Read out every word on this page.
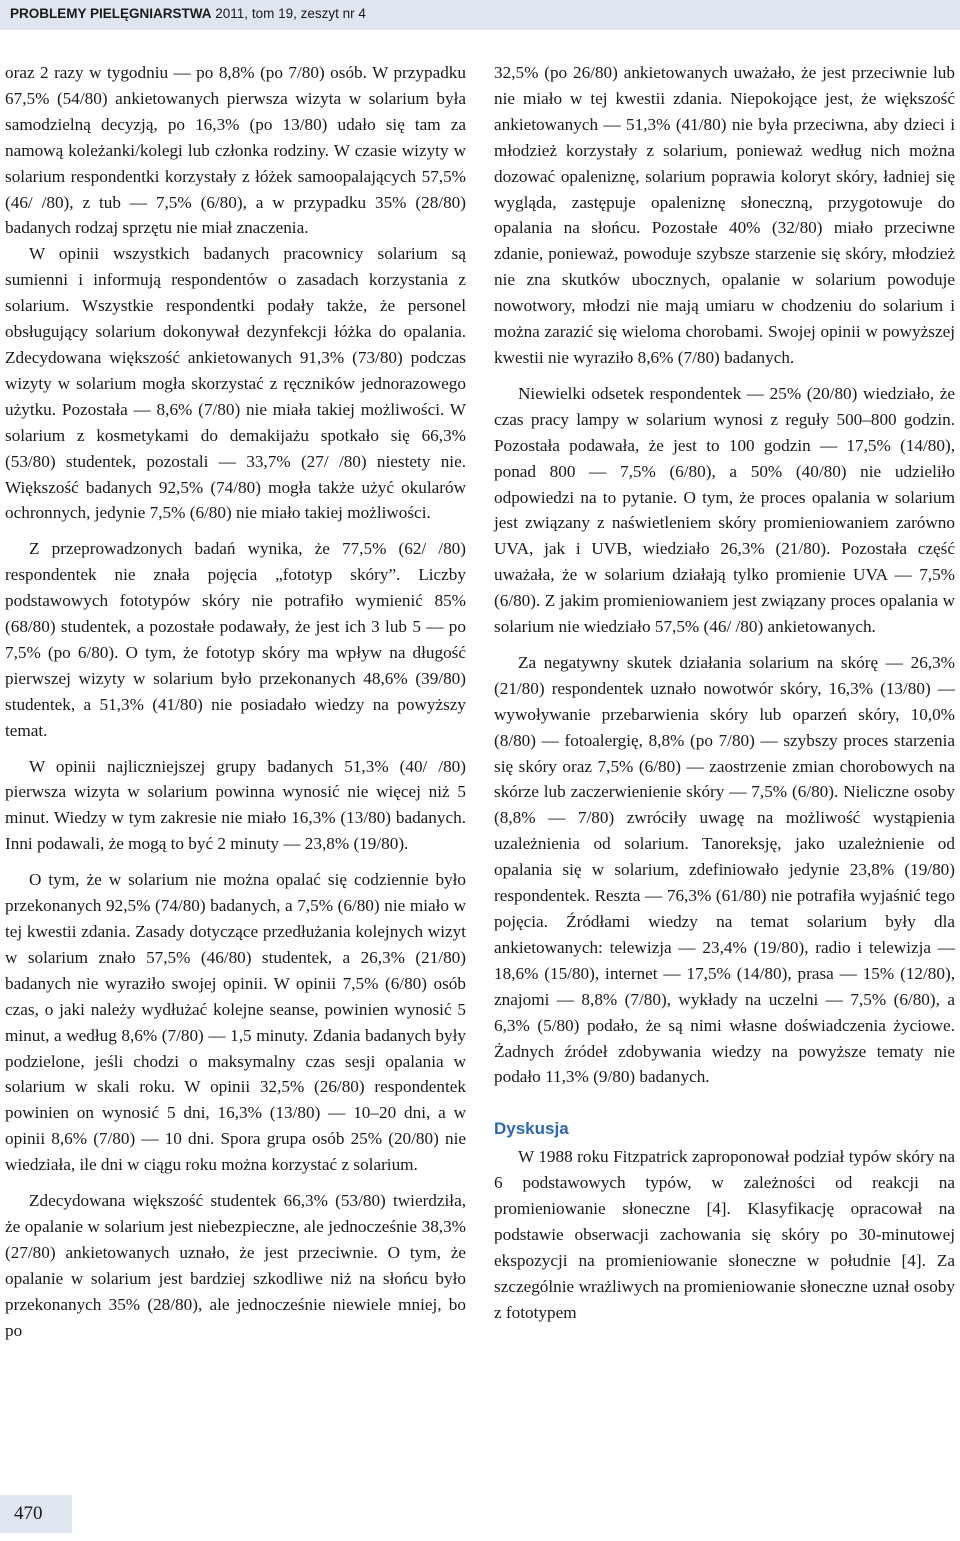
PROBLEMY PIELĘGNIARSTWA 2011, tom 19, zeszyt nr 4

oraz 2 razy w tygodniu — po 8,8% (po 7/80) osób. W przypadku 67,5% (54/80) ankietowanych pierwsza wizyta w solarium była samodzielną decyzją, po 16,3% (po 13/80) udało się tam za namową koleżanki/kolegi lub członka rodziny. W czasie wizyty w solarium respondentki korzystały z łóżek samoopalających 57,5% (46/ /80), z tub — 7,5% (6/80), a w przypadku 35% (28/80) badanych rodzaj sprzętu nie miał znaczenia.

W opinii wszystkich badanych pracownicy solarium są sumienni i informują respondentów o zasadach korzystania z solarium. Wszystkie respondentki podały także, że personel obsługujący solarium dokonywał dezynfekcji łóżka do opalania. Zdecydowana większość ankietowanych 91,3% (73/80) podczas wizyty w solarium mogła skorzystać z ręczników jednorazowego użytku. Pozostała — 8,6% (7/80) nie miała takiej możliwości. W solarium z kosmetykami do demakijażu spotkało się 66,3% (53/80) studentek, pozostali — 33,7% (27/ /80) niestety nie. Większość badanych 92,5% (74/80) mogła także użyć okularów ochronnych, jedynie 7,5% (6/80) nie miało takiej możliwości.

Z przeprowadzonych badań wynika, że 77,5% (62/ /80) respondentek nie znała pojęcia „fototyp skóry”. Liczby podstawowych fototypów skóry nie potrafiło wymienić 85% (68/80) studentek, a pozostałe podawały, że jest ich 3 lub 5 — po 7,5% (po 6/80). O tym, że fototyp skóry ma wpływ na długość pierwszej wizyty w solarium było przekonanych 48,6% (39/80) studentek, a 51,3% (41/80) nie posiadało wiedzy na powyższy temat.

W opinii najliczniejszej grupy badanych 51,3% (40/ /80) pierwsza wizyta w solarium powinna wynosić nie więcej niż 5 minut. Wiedzy w tym zakresie nie miało 16,3% (13/80) badanych. Inni podawali, że mogą to być 2 minuty — 23,8% (19/80).

O tym, że w solarium nie można opalać się codziennie było przekonanych 92,5% (74/80) badanych, a 7,5% (6/80) nie miało w tej kwestii zdania. Zasady dotyczące przedłużania kolejnych wizyt w solarium znało 57,5% (46/80) studentek, a 26,3% (21/80) badanych nie wyraziło swojej opinii. W opinii 7,5% (6/80) osób czas, o jaki należy wydłużać kolejne seanse, powinien wynosić 5 minut, a według 8,6% (7/80) — 1,5 minuty. Zdania badanych były podzielone, jeśli chodzi o maksymalny czas sesji opalania w solarium w skali roku. W opinii 32,5% (26/80) respondentek powinien on wynosić 5 dni, 16,3% (13/80) — 10–20 dni, a w opinii 8,6% (7/80) — 10 dni. Spora grupa osób 25% (20/80) nie wiedziała, ile dni w ciągu roku można korzystać z solarium.

Zdecydowana większość studentek 66,3% (53/80) twierdziła, że opalanie w solarium jest niebezpieczne, ale jednocześnie 38,3% (27/80) ankietowanych uznało, że jest przeciwnie. O tym, że opalanie w solarium jest bardziej szkodliwe niż na słońcu było przekonanych 35% (28/80), ale jednocześnie niewiele mniej, bo po

32,5% (po 26/80) ankietowanych uważało, że jest przeciwnie lub nie miało w tej kwestii zdania. Niepokojące jest, że większość ankietowanych — 51,3% (41/80) nie była przeciwna, aby dzieci i młodzież korzystały z solarium, ponieważ według nich można dozować opaleniznę, solarium poprawia koloryt skóry, ładniej się wygląda, zastępuje opaleniznę słoneczną, przygotowuje do opalania na słońcu. Pozostałe 40% (32/80) miało przeciwne zdanie, ponieważ, powoduje szybsze starzenie się skóry, młodzież nie zna skutków ubocznych, opalanie w solarium powoduje nowotwory, młodzi nie mają umiaru w chodzeniu do solarium i można zarazić się wieloma chorobami. Swojej opinii w powyższej kwestii nie wyraziło 8,6% (7/80) badanych.

Niewielki odsetek respondentek — 25% (20/80) wiedziało, że czas pracy lampy w solarium wynosi z reguły 500–800 godzin. Pozostała podawała, że jest to 100 godzin — 17,5% (14/80), ponad 800 — 7,5% (6/80), a 50% (40/80) nie udzieliło odpowiedzi na to pytanie. O tym, że proces opalania w solarium jest związany z naświetleniem skóry promieniowaniem zarówno UVA, jak i UVB, wiedziało 26,3% (21/80). Pozostała część uważała, że w solarium działają tylko promienie UVA — 7,5% (6/80). Z jakim promieniowaniem jest związany proces opalania w solarium nie wiedziało 57,5% (46/ /80) ankietowanych.

Za negatywny skutek działania solarium na skórę — 26,3% (21/80) respondentek uznało nowotwór skóry, 16,3% (13/80) — wywoływanie przebarwienia skóry lub oparzeń skóry, 10,0% (8/80) — fotoalergię, 8,8% (po 7/80) — szybszy proces starzenia się skóry oraz 7,5% (6/80) — zaostrzenie zmian chorobowych na skórze lub zaczerwienienie skóry — 7,5% (6/80). Nieliczne osoby (8,8% — 7/80) zwróciły uwagę na możliwość wystąpienia uzależnienia od solarium. Tanoreksję, jako uzależnienie od opalania się w solarium, zdefiniowało jedynie 23,8% (19/80) respondentek. Reszta — 76,3% (61/80) nie potrafiła wyjaśnić tego pojęcia. Źródłami wiedzy na temat solarium były dla ankietowanych: telewizja — 23,4% (19/80), radio i telewizja — 18,6% (15/80), internet — 17,5% (14/80), prasa — 15% (12/80), znajomi — 8,8% (7/80), wykłady na uczelni — 7,5% (6/80), a 6,3% (5/80) podało, że są nimi własne doświadczenia życiowe. Żadnych źródeł zdobywania wiedzy na powyższe tematy nie podało 11,3% (9/80) badanych.

Dyskusja

W 1988 roku Fitzpatrick zaproponował podział typów skóry na 6 podstawowych typów, w zależności od reakcji na promieniowanie słoneczne [4]. Klasyfikację opracował na podstawie obserwacji zachowania się skóry po 30-minutowej ekspozycji na promieniowanie słoneczne w południe [4]. Za szczególnie wrażliwych na promieniowanie słoneczne uznał osoby z fototypem

470
